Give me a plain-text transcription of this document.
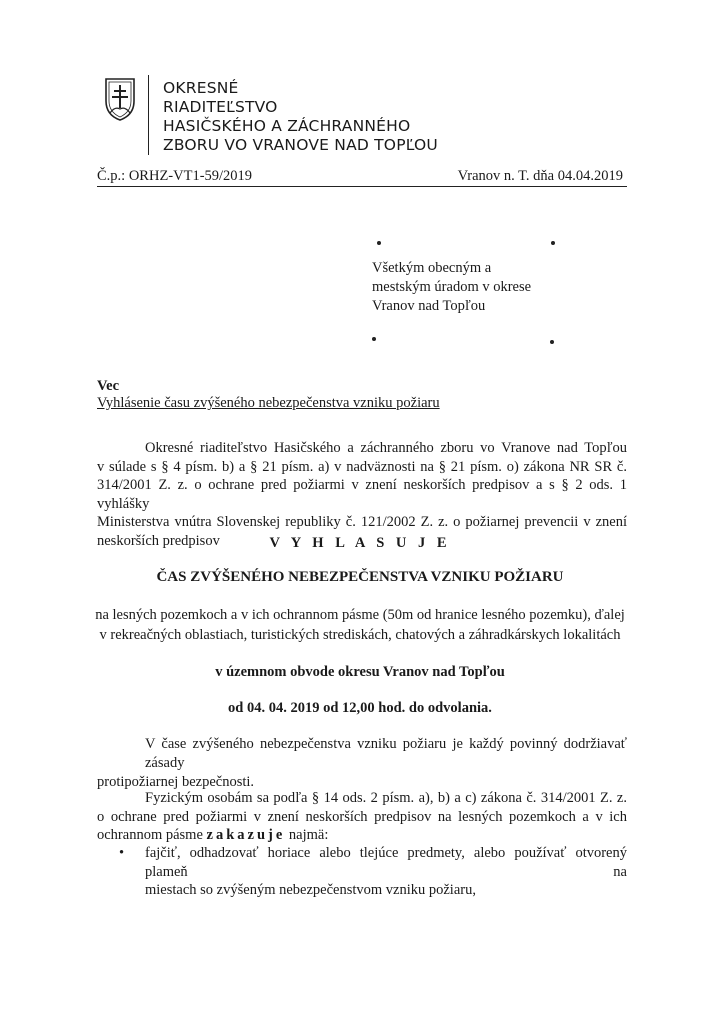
OKRESNÉ
RIADITEĽSTVO
HASIČSKÉHO A ZÁCHRANNÉHO
ZBORU VO VRANOVE NAD TOPĽOU
Č.p.: ORHZ-VT1-59/2019	Vranov n. T. dňa 04.04.2019
Všetkým obecným a
mestským úradom v okrese
Vranov nad Topľou
Vec
Vyhlásenie času zvýšeného nebezpečenstva vzniku požiaru
Okresné riaditeľstvo Hasičského a záchranného zboru vo Vranove nad Topľou
v súlade s § 4 písm. b) a § 21 písm. a) v nadväznosti na § 21 písm. o) zákona NR SR č.
314/2001 Z. z. o ochrane pred požiarmi v znení neskorších predpisov a s § 2 ods. 1 vyhlášky
Ministerstva vnútra Slovenskej republiky č. 121/2002 Z. z. o požiarnej prevencii v znení
neskorších predpisov	V Y H L A S U J E
ČAS ZVÝŠENÉHO NEBEZPEČENSTVA VZNIKU POŽIARU
na lesných pozemkoch a v ich ochrannom pásme (50m od hranice lesného pozemku), ďalej
v rekreačných oblastiach, turistických strediskách, chatových a záhradkárskych lokalitách
v územnom obvode okresu Vranov nad Topľou
od 04. 04. 2019 od 12,00 hod. do odvolania.
V čase zvýšeného nebezpečenstva vzniku požiaru je každý povinný dodržiavať zásady
protipožiarnej bezpečnosti.
Fyzickým osobám sa podľa § 14 ods. 2 písm. a), b) a c) zákona č. 314/2001 Z. z.
o ochrane pred požiarmi v znení neskorších predpisov na lesných pozemkoch a v ich
ochrannom pásme zakazuje najmä:
• fajčiť, odhadzovať horiace alebo tlejúce predmety, alebo používať otvorený plameň na
miestach so zvýšeným nebezpečenstvom vzniku požiaru,
